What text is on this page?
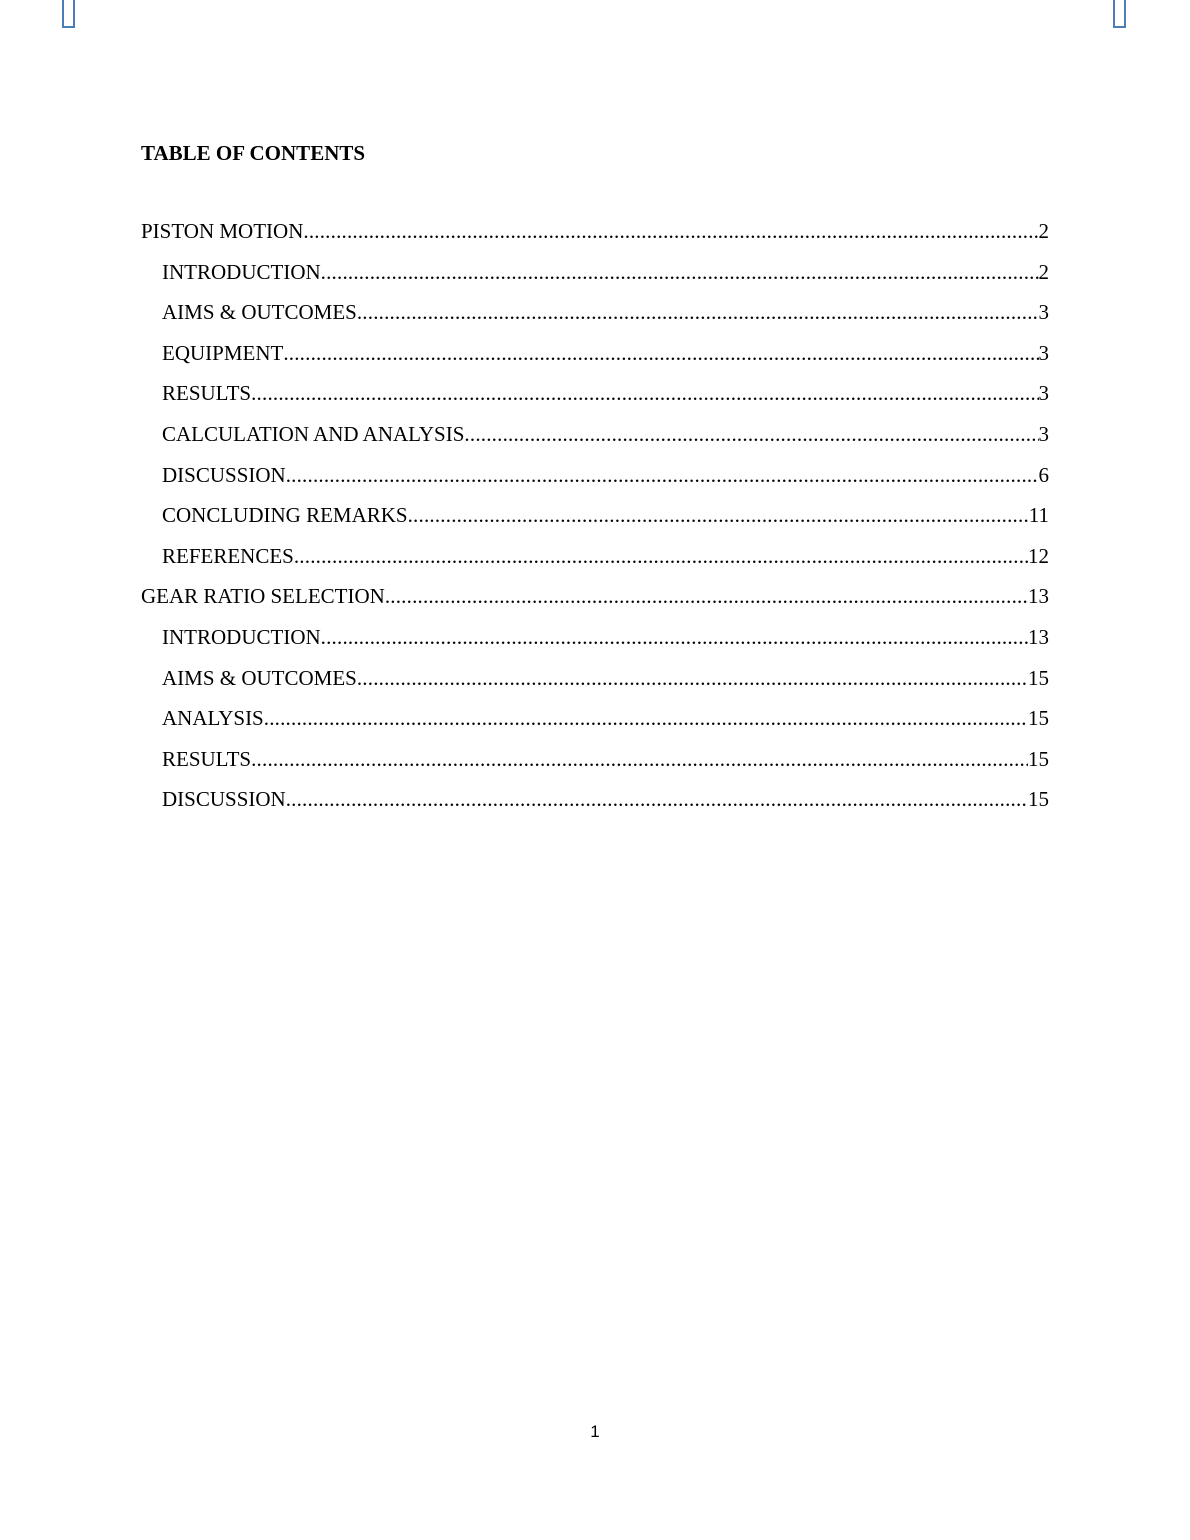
TABLE OF CONTENTS
PISTON MOTION .....	2
INTRODUCTION .....	2
AIMS & OUTCOMES .....	3
EQUIPMENT .....	3
RESULTS .....	3
CALCULATION AND ANALYSIS .....	3
DISCUSSION .....	6
CONCLUDING REMARKS .....	11
REFERENCES .....	12
GEAR RATIO SELECTION .....	13
INTRODUCTION .....	13
AIMS & OUTCOMES .....	15
ANALYSIS .....	15
RESULTS .....	15
DISCUSSION .....	15
1
